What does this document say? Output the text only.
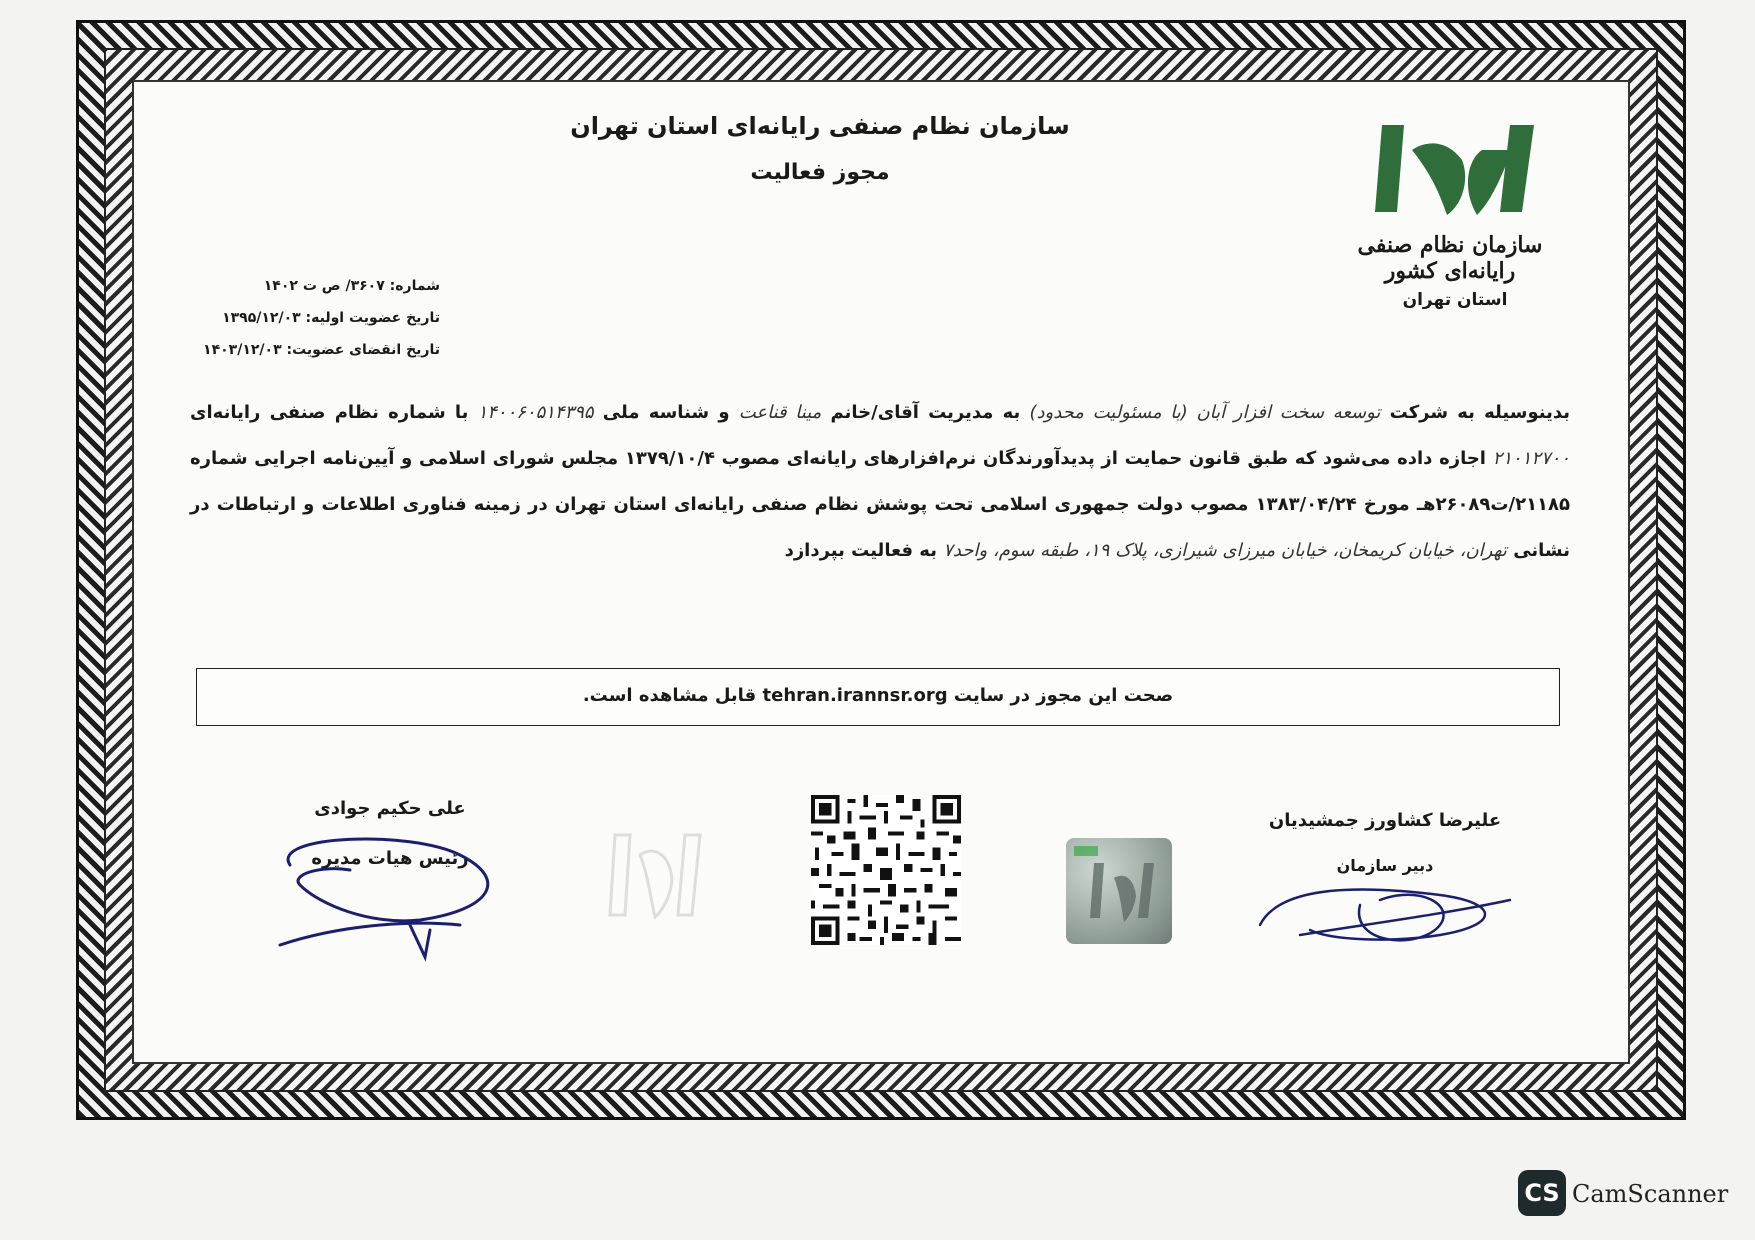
سازمان نظام صنفی رایانه‌ای استان تهران
مجوز فعالیت
سازمان نظام صنفی رایانه‌ای کشور
استان تهران
شماره: ۳۶۰۷/ ص ت ۱۴۰۲
تاریخ عضویت اولیه: ۱۳۹۵/۱۲/۰۳
تاریخ انقضای عضویت: ۱۴۰۳/۱۲/۰۳
بدینوسیله به شرکت توسعه سخت افزار آبان (با مسئولیت محدود) به مدیریت آقای/خانم مینا قناعت و شناسه ملی ۱۴۰۰۶۰۵۱۴۳۹۵ با شماره نظام صنفی رایانه‌ای ۲۱۰۱۲۷۰۰ اجازه داده می‌شود که طبق قانون حمایت از پدیدآورندگان نرم‌افزارهای رایانه‌ای مصوب ۱۳۷۹/۱۰/۴ مجلس شورای اسلامی و آیین‌نامه اجرایی شماره ۲۱۱۸۵/ت۲۶۰۸۹هـ مورخ ۱۳۸۳/۰۴/۲۴ مصوب دولت جمهوری اسلامی تحت پوشش نظام صنفی رایانه‌ای استان تهران در زمینه فناوری اطلاعات و ارتباطات در نشانی تهران، خیابان کریمخان، خیابان میرزای شیرازی، پلاک ۱۹، طبقه سوم، واحد۷ به فعالیت بپردازد
صحت این مجوز در سایت tehran.irannsr.org قابل مشاهده است.
علی حکیم جوادی
رئیس هیات مدیره
علیرضا کشاورز جمشیدیان
دبیر سازمان
CS CamScanner
